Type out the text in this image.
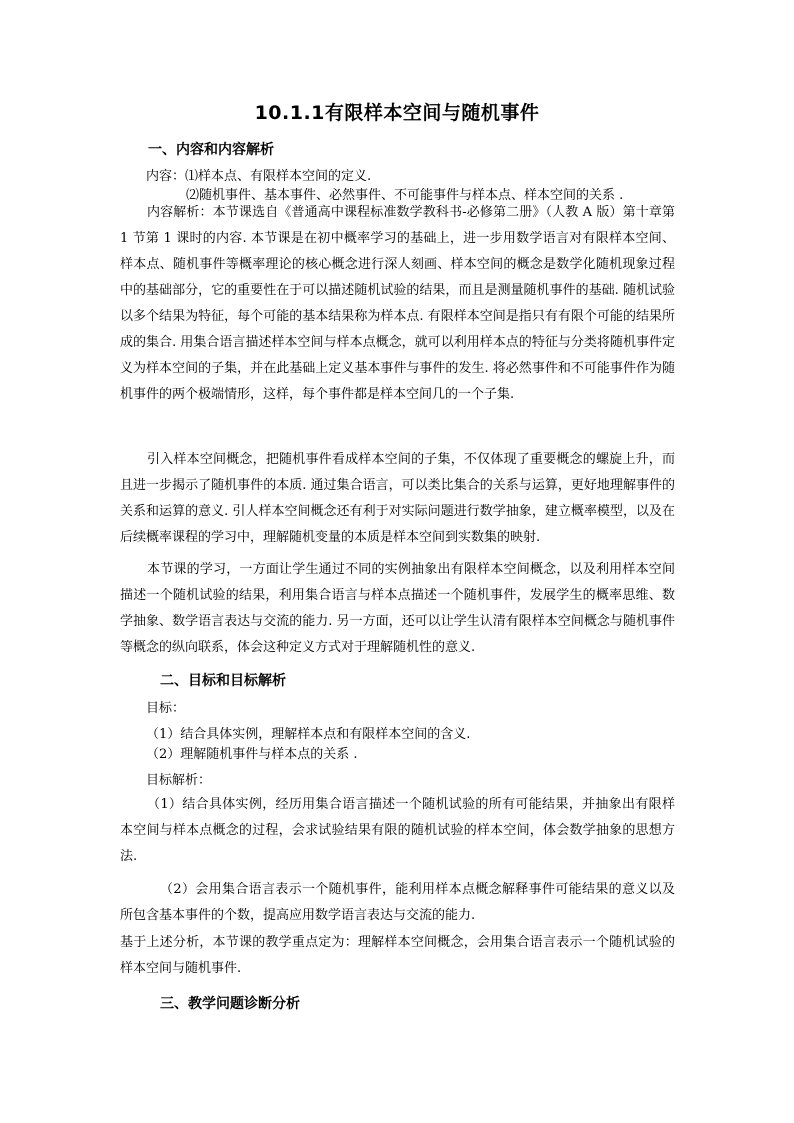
10.1.1有限样本空间与随机事件
一、内容和内容解析
内容：⑴样本点、有限样本空间的定义.
⑵随机事件、基本事件、必然事件、不可能事件与样本点、样本空间的关系 .

内容解析：本节课选自《普通高中课程标准数学教科书-必修第二册》（人教 A 版）第十章第 1 节第 1 课时的内容. 本节课是在初中概率学习的基础上，进一步用数学语言对有限样本空间、样本点、随机事件等概率理论的核心概念进行深人刻画、样本空间的概念是数学化随机现象过程中的基础部分，它的重要性在于可以描述随机试验的结果，而且是测量随机事件的基础. 随机试验以多个结果为特征，每个可能的基本结果称为样本点. 有限样本空间是指只有有限个可能的结果所成的集合. 用集合语言描述样本空间与样本点概念，就可以利用样本点的特征与分类将随机事件定义为样本空间的子集，并在此基础上定义基本事件与事件的发生. 将必然事件和不可能事件作为随机事件的两个极端情形，这样，每个事件都是样本空间几的一个子集.

引入样本空间概念，把随机事件看成样本空间的子集，不仅体现了重要概念的螺旋上升，而且进一步揭示了随机事件的本质. 通过集合语言，可以类比集合的关系与运算，更好地理解事件的关系和运算的意义. 引人样本空间概念还有利于对实际问题进行数学抽象，建立概率模型，以及在后续概率课程的学习中，理解随机变量的本质是样本空间到实数集的映射.

本节课的学习，一方面让学生通过不同的实例抽象出有限样本空间概念，以及利用样本空间描述一个随机试验的结果，利用集合语言与样本点描述一个随机事件，发展学生的概率思维、数学抽象、数学语言表达与交流的能力. 另一方面，还可以让学生认清有限样本空间概念与随机事件等概念的纵向联系，体会这种定义方式对于理解随机性的意义.

二、目标和目标解析
目标：
（1）结合具体实例，理解样本点和有限样本空间的含义.
（2）理解随机事件与样本点的关系 .
目标解析：

（1）结合具体实例，经历用集合语言描述一个随机试验的所有可能结果，并抽象出有限样本空间与样本点概念的过程，会求试验结果有限的随机试验的样本空间，体会数学抽象的思想方法.

（2）会用集合语言表示一个随机事件，能利用样本点概念解释事件可能结果的意义以及所包含基本事件的个数，提高应用数学语言表达与交流的能力.

基于上述分析，本节课的教学重点定为：理解样本空间概念，会用集合语言表示一个随机试验的样本空间与随机事件.

三、教学问题诊断分析
